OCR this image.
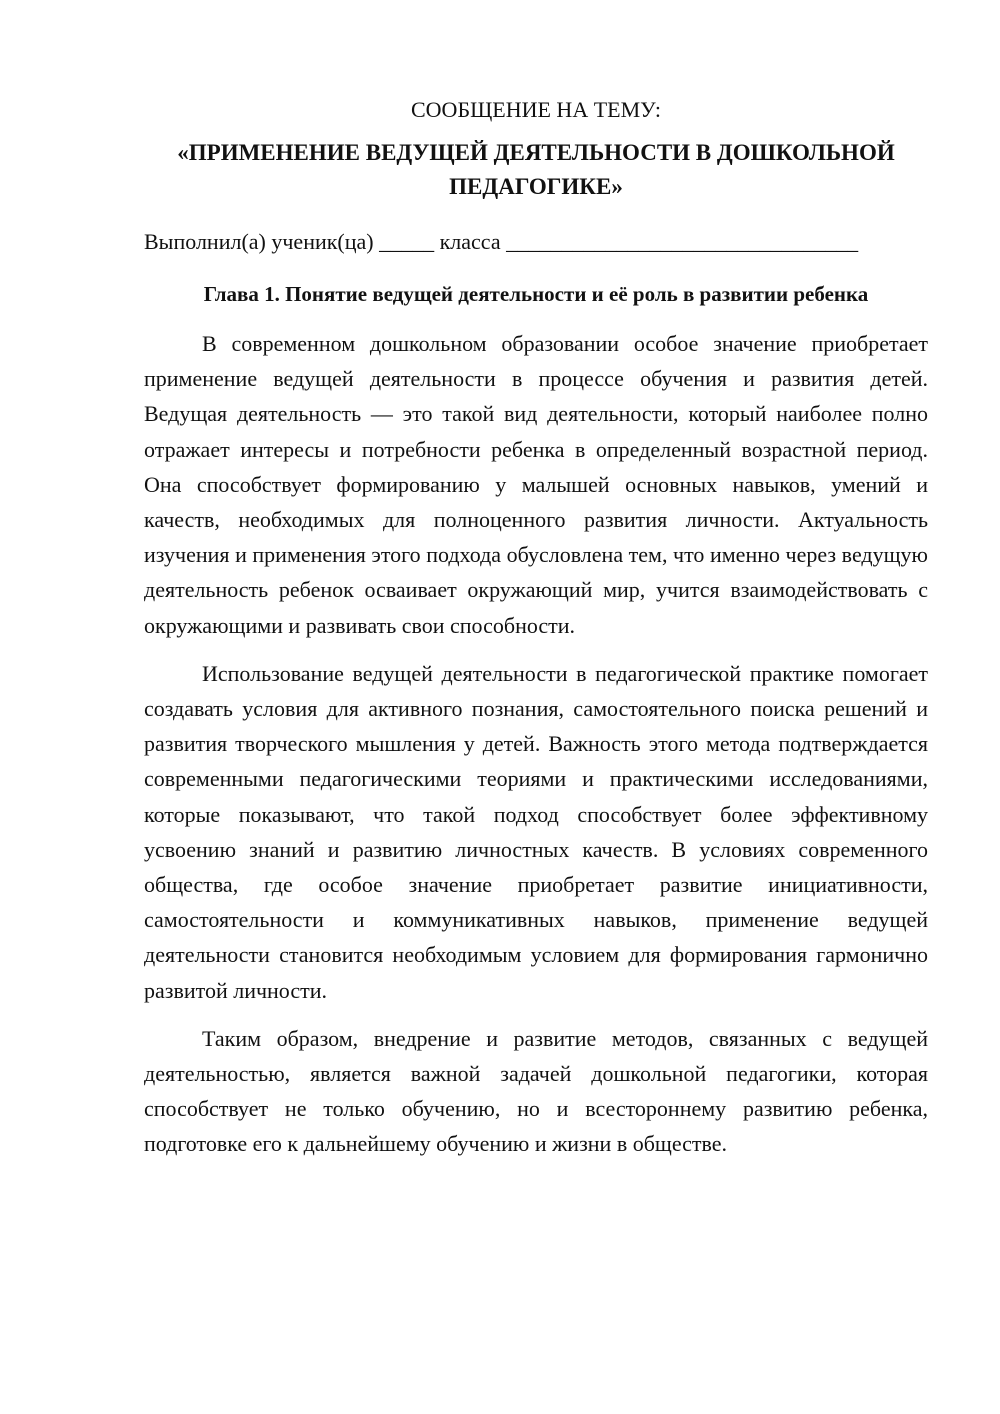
СООБЩЕНИЕ НА ТЕМУ:

«ПРИМЕНЕНИЕ ВЕДУЩЕЙ ДЕЯТЕЛЬНОСТИ В ДОШКОЛЬНОЙ ПЕДАГОГИКЕ»

Выполнил(а) ученик(ца) _____ класса ________________________________

Глава 1. Понятие ведущей деятельности и её роль в развитии ребенка

В современном дошкольном образовании особое значение приобретает применение ведущей деятельности в процессе обучения и развития детей. Ведущая деятельность — это такой вид деятельности, который наиболее полно отражает интересы и потребности ребенка в определенный возрастной период. Она способствует формированию у малышей основных навыков, умений и качеств, необходимых для полноценного развития личности. Актуальность изучения и применения этого подхода обусловлена тем, что именно через ведущую деятельность ребенок осваивает окружающий мир, учится взаимодействовать с окружающими и развивать свои способности.

Использование ведущей деятельности в педагогической практике помогает создавать условия для активного познания, самостоятельного поиска решений и развития творческого мышления у детей. Важность этого метода подтверждается современными педагогическими теориями и практическими исследованиями, которые показывают, что такой подход способствует более эффективному усвоению знаний и развитию личностных качеств. В условиях современного общества, где особое значение приобретает развитие инициативности, самостоятельности и коммуникативных навыков, применение ведущей деятельности становится необходимым условием для формирования гармонично развитой личности.

Таким образом, внедрение и развитие методов, связанных с ведущей деятельностью, является важной задачей дошкольной педагогики, которая способствует не только обучению, но и всестороннему развитию ребенка, подготовке его к дальнейшему обучению и жизни в обществе.
